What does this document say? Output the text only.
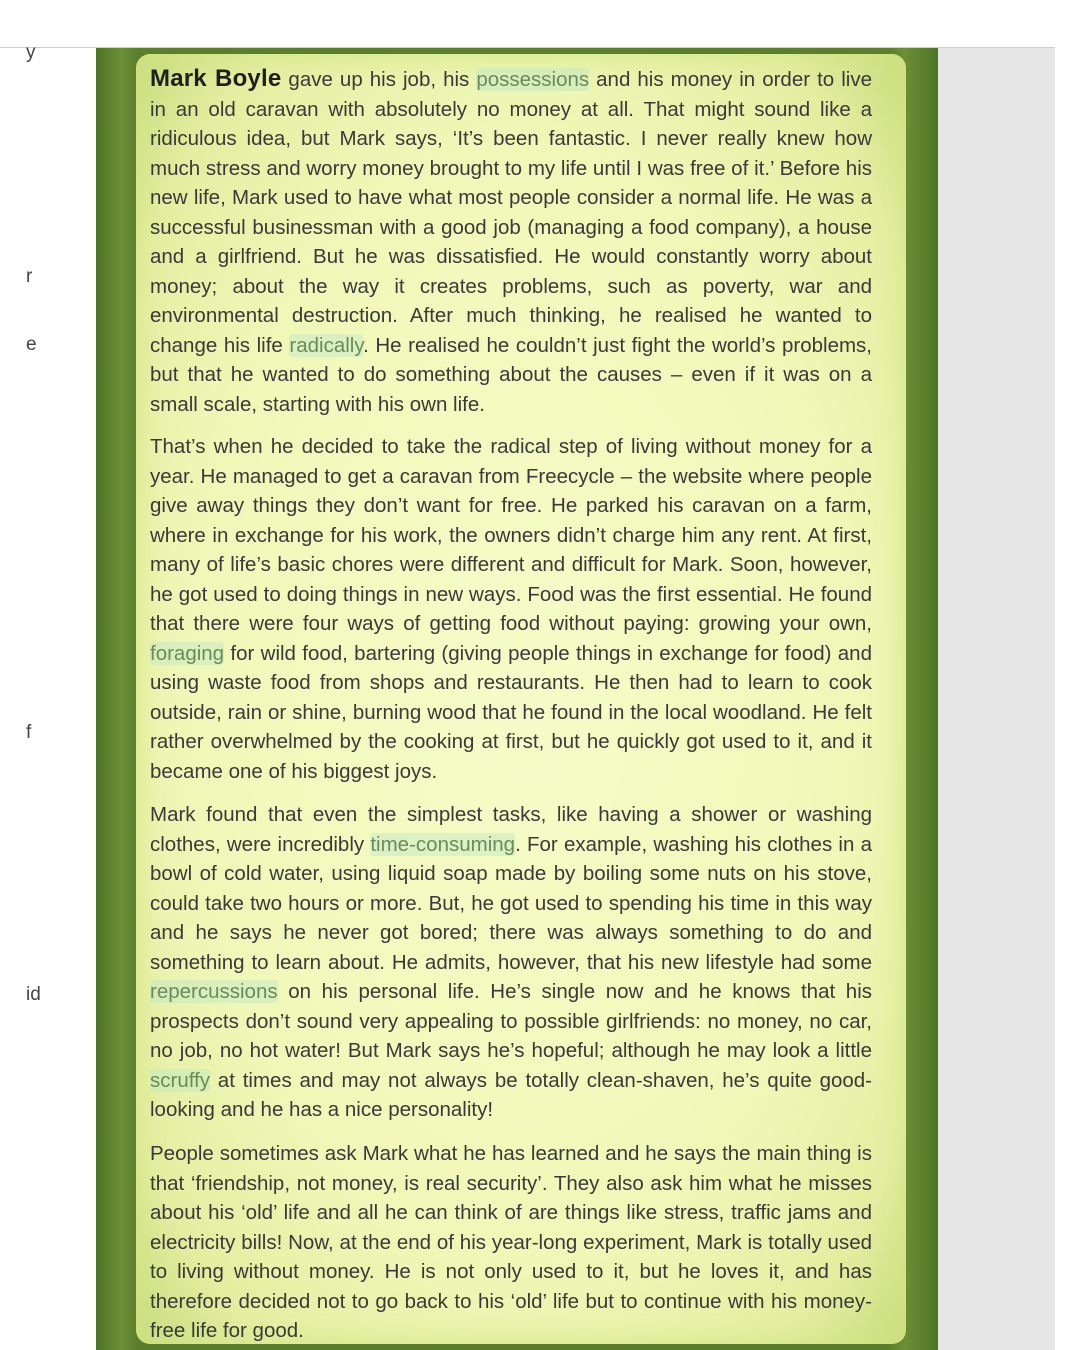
y
r
e
f
id

Mark Boyle gave up his job, his possessions and his money in order to live in an old caravan with absolutely no money at all. That might sound like a ridiculous idea, but Mark says, ‘It’s been fantastic. I never really knew how much stress and worry money brought to my life until I was free of it.’ Before his new life, Mark used to have what most people consider a normal life. He was a successful businessman with a good job (managing a food company), a house and a girlfriend. But he was dissatisfied. He would constantly worry about money; about the way it creates problems, such as poverty, war and environmental destruction. After much thinking, he realised he wanted to change his life radically. He realised he couldn’t just fight the world’s problems, but that he wanted to do something about the causes – even if it was on a small scale, starting with his own life.

That’s when he decided to take the radical step of living without money for a year. He managed to get a caravan from Freecycle – the website where people give away things they don’t want for free. He parked his caravan on a farm, where in exchange for his work, the owners didn’t charge him any rent. At first, many of life’s basic chores were different and difficult for Mark. Soon, however, he got used to doing things in new ways. Food was the first essential. He found that there were four ways of getting food without paying: growing your own, foraging for wild food, bartering (giving people things in exchange for food) and using waste food from shops and restaurants. He then had to learn to cook outside, rain or shine, burning wood that he found in the local woodland. He felt rather overwhelmed by the cooking at first, but he quickly got used to it, and it became one of his biggest joys.

Mark found that even the simplest tasks, like having a shower or washing clothes, were incredibly time-consuming. For example, washing his clothes in a bowl of cold water, using liquid soap made by boiling some nuts on his stove, could take two hours or more. But, he got used to spending his time in this way and he says he never got bored; there was always something to do and something to learn about. He admits, however, that his new lifestyle had some repercussions on his personal life. He’s single now and he knows that his prospects don’t sound very appealing to possible girlfriends: no money, no car, no job, no hot water! But Mark says he’s hopeful; although he may look a little scruffy at times and may not always be totally clean-shaven, he’s quite good-looking and he has a nice personality!

People sometimes ask Mark what he has learned and he says the main thing is that ‘friendship, not money, is real security’. They also ask him what he misses about his ‘old’ life and all he can think of are things like stress, traffic jams and electricity bills! Now, at the end of his year-long experiment, Mark is totally used to living without money. He is not only used to it, but he loves it, and has therefore decided not to go back to his ‘old’ life but to continue with his money-free life for good.
